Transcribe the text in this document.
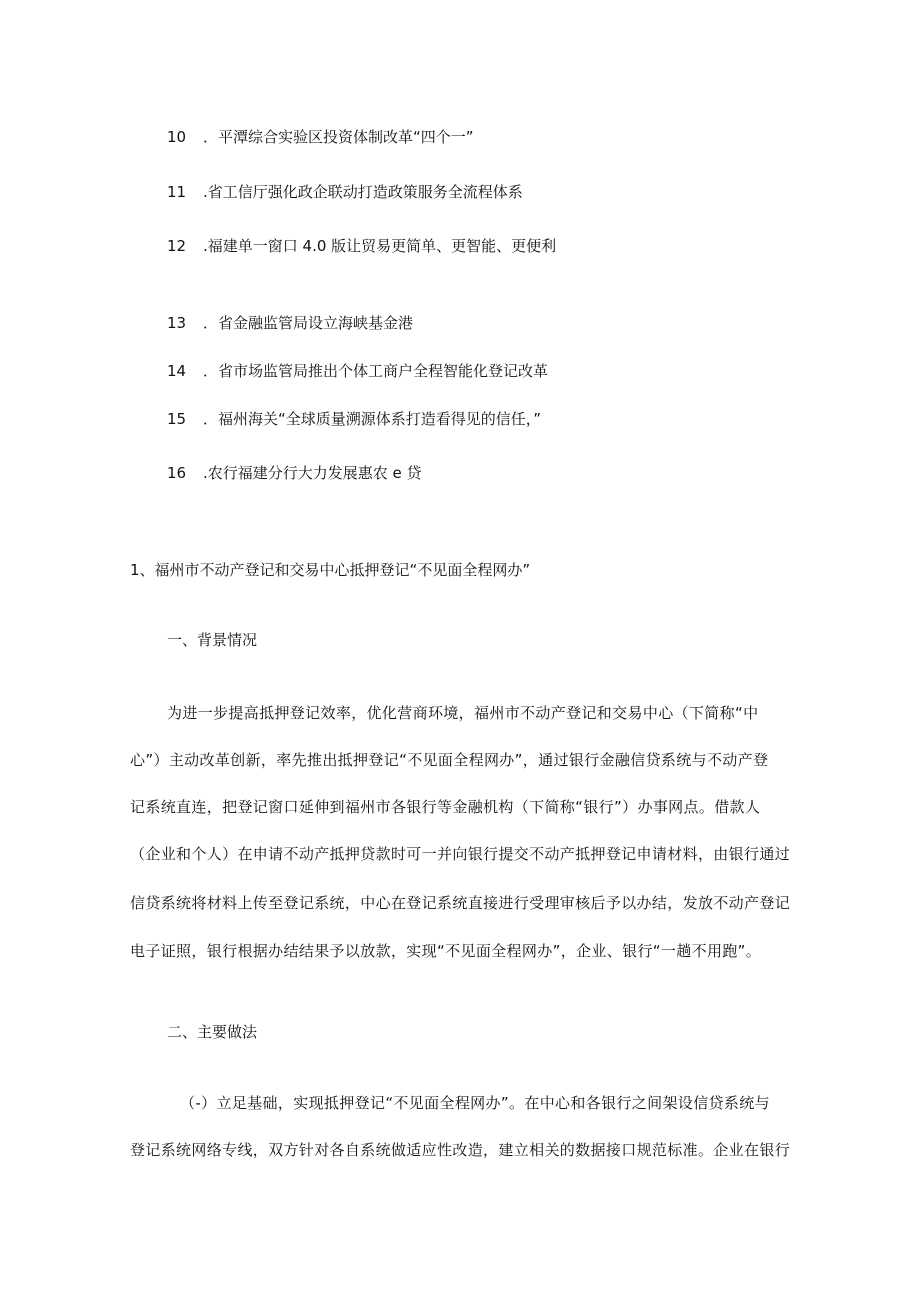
10 ．平潭综合实验区投资体制改革“四个一”
11 .省工信厅强化政企联动打造政策服务全流程体系
12 .福建单一窗口 4.0 版让贸易更简单、更智能、更便利
13 ．省金融监管局设立海峡基金港
14 ．省市场监管局推出个体工商户全程智能化登记改革
15 ．福州海关“全球质量溯源体系打造看得见的信任，”
16 .农行福建分行大力发展惠农 e 贷
1、福州市不动产登记和交易中心抵押登记“不见面全程网办”
一、背景情况
为进一步提高抵押登记效率，优化营商环境，福州市不动产登记和交易中心（下简称“中
心”）主动改革创新，率先推出抵押登记“不见面全程网办”，通过银行金融信贷系统与不动产登
记系统直连，把登记窗口延伸到福州市各银行等金融机构（下简称“银行”）办事网点。借款人
（企业和个人）在申请不动产抵押贷款时可一并向银行提交不动产抵押登记申请材料，由银行通过
信贷系统将材料上传至登记系统，中心在登记系统直接进行受理审核后予以办结，发放不动产登记
电子证照，银行根据办结结果予以放款，实现“不见面全程网办”，企业、银行“一趟不用跑”。
二、主要做法
（-）立足基础，实现抵押登记“不见面全程网办”。在中心和各银行之间架设信贷系统与
登记系统网络专线，双方针对各自系统做适应性改造，建立相关的数据接口规范标准。企业在银行
